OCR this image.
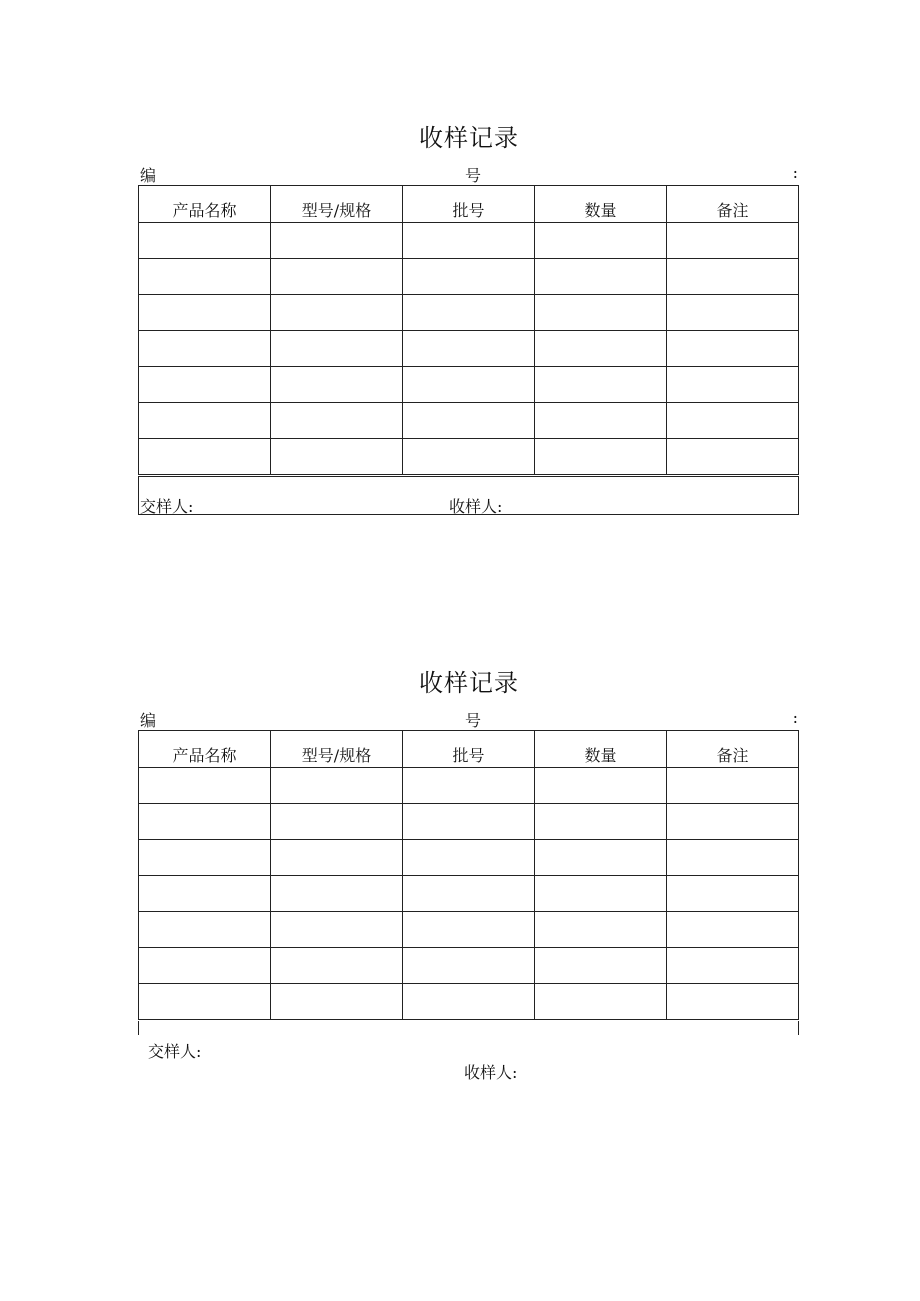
收样记录
编	号	:
产品名称	型号/规格	批号	数量	备注

交样人:	收样人:
收样记录
编	号	:
产品名称	型号/规格	批号	数量	备注

交样人:
收样人:
